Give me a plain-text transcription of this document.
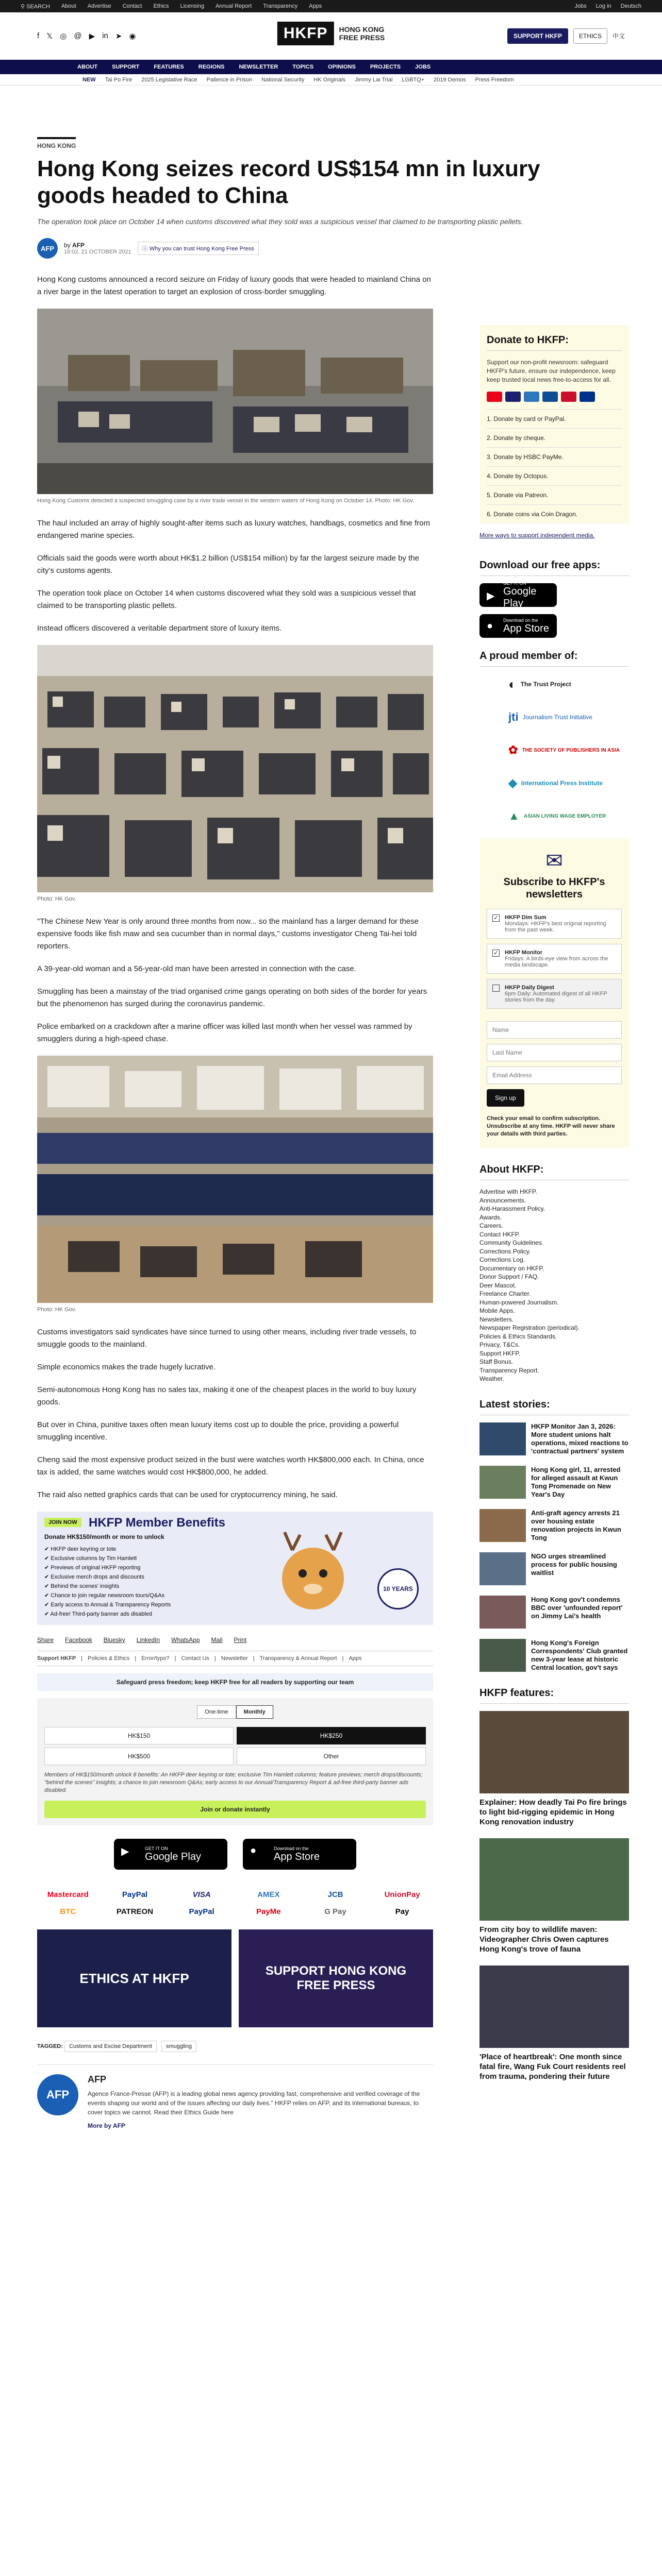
⚲ SEARCH About Advertise Contact Ethics Licensing Annual Report Transparency Apps	Jobs Log in Deutsch
f 𝕏 ◎ @ ▶ in ➤ ◉	HKFP	HONG KONG
FREE PRESS	SUPPORT HKFP	ETHICS	中文
ABOUT	SUPPORT	FEATURES	REGIONS	NEWSLETTER	TOPICS	OPINIONS	PROJECTS	JOBS
NEW Tai Po Fire 2025 Legislative Race Patience in Prison National Security HK Originals Jimmy Lai Trial LGBTQ+ 2019 Demos Press Freedom
HONG KONG
Hong Kong seizes record US$154 mn in luxury goods headed to China
The operation took place on October 14 when customs discovered what they sold was a suspicious vessel that claimed to be transporting plastic pellets.
AFP	by AFP
16:02, 21 OCTOBER 2021	ⓘ Why you can trust Hong Kong Free Press

Hong Kong customs announced a record seizure on Friday of luxury goods that were headed to mainland China on a river barge in the latest operation to target an explosion of cross-border smuggling.

Hong Kong Customs detected a suspected smuggling case by a river trade vessel in the western waters of Hong Kong on October 14. Photo: HK Gov.

The haul included an array of highly sought-after items such as luxury watches, handbags, cosmetics and fine from endangered marine species.

Officials said the goods were worth about HK$1.2 billion (US$154 million) by far the largest seizure made by the city's customs agents.

The operation took place on October 14 when customs discovered what they sold was a suspicious vessel that claimed to be transporting plastic pellets.

Instead officers discovered a veritable department store of luxury items.

Photo: HK Gov.

"The Chinese New Year is only around three months from now... so the mainland has a larger demand for these expensive foods like fish maw and sea cucumber than in normal days," customs investigator Cheng Tai-hei told reporters.

A 39-year-old woman and a 56-year-old man have been arrested in connection with the case.

Smuggling has been a mainstay of the triad organised crime gangs operating on both sides of the border for years but the phenomenon has surged during the coronavirus pandemic.

Police embarked on a crackdown after a marine officer was killed last month when her vessel was rammed by smugglers during a high-speed chase.

Photo: HK Gov.

Customs investigators said syndicates have since turned to using other means, including river trade vessels, to smuggle goods to the mainland.

Simple economics makes the trade hugely lucrative.

Semi-autonomous Hong Kong has no sales tax, making it one of the cheapest places in the world to buy luxury goods.

But over in China, punitive taxes often mean luxury items cost up to double the price, providing a powerful smuggling incentive.

Cheng said the most expensive product seized in the bust were watches worth HK$800,000 each. In China, once tax is added, the same watches would cost HK$800,000, he added.

The raid also netted graphics cards that can be used for cryptocurrency mining, he said.

JOIN NOW HKFP Member Benefits
Donate HK$150/month or more to unlock
✔ HKFP deer keyring or tote
✔ Exclusive columns by Tim Hamlett
✔ Previews of original HKFP reporting
✔ Exclusive merch drops and discounts
✔ Behind the scenes' insights
✔ Chance to join regular newsroom tours/Q&As
✔ Early access to Annual & Transparency Reports
✔ Ad-free! Third-party banner ads disabled
10 YEARS
Share Facebook Bluesky LinkedIn WhatsApp Mail Print
Support HKFP | Policies & Ethics | Error/typo? | Contact Us | Newsletter | Transparency & Annual Report | Apps
Safeguard press freedom; keep HKFP free for all readers by supporting our team
One-time	Monthly
HK$150	HK$250
HK$500	Other
Members of HK$150/month unlock 8 benefits: An HKFP deer keyring or tote; exclusive Tim Hamlett columns; feature previews; merch drops/discounts; "behind the scenes" insights; a chance to join newsroom Q&As; early access to our Annual/Transparency Report & ad-free third-party banner ads disabled.
Join or donate instantly
▶	GET IT ON
Google Play
●	Download on the
App Store
Mastercard	PayPal	VISA	AMEX	JCB	UnionPay
BTC	PATREON	PayPal	PayMe	G Pay	Pay
ETHICS AT HKFP	SUPPORT HONG KONG FREE PRESS
TAGGED: Customs and Excise Department smuggling
AFP
AFP
Agence France-Presse (AFP) is a leading global news agency providing fast, comprehensive and verified coverage of the events shaping our world and of the issues affecting our daily lives." HKFP relies on AFP, and its international bureaus, to cover topics we cannot. Read their Ethics Guide here
More by AFP
Donate to HKFP:
Support our non-profit newsroom: safeguard HKFP's future, ensure our independence, keep keep trusted local news free-to-access for all.
1. Donate by card or PayPal.
2. Donate by cheque.
3. Donate by HSBC PayMe.
4. Donate by Octopus.
5. Donate via Patreon.
6. Donate coins via Coin Dragon.
More ways to support independent media.
Download our free apps:
▶
GET IT ON
Google Play
●
Download on the
App Store
A proud member of:
◐ The Trust Project
jti Journalism Trust Initiative
✿ THE SOCIETY OF PUBLISHERS IN ASIA
◆ International Press Institute
▲ ASIAN LIVING WAGE EMPLOYER
✉
Subscribe to HKFP's newsletters
✓ HKFP Dim Sum
Mondays: HKFP's best original reporting from the past week.
✓ HKFP Monitor
Fridays: A birds-eye view from across the media landscape.
HKFP Daily Digest
6pm Daily: Automated digest of all HKFP stories from the day.
Name Last Name Email Address Sign up
Check your email to confirm subscription. Unsubscribe at any time. HKFP will never share your details with third parties.
About HKFP:
Advertise with HKFP.
Announcements.
Anti-Harassment Policy.
Awards.
Careers.
Contact HKFP.
Community Guidelines.
Corrections Policy.
Corrections Log.
Documentary on HKFP.
Donor Support / FAQ.
Deer Mascot.
Freelance Charter.
Human-powered Journalism.
Mobile Apps.
Newsletters.
Newspaper Registration (periodical).
Policies & Ethics Standards.
Privacy, T&Cs.
Support HKFP.
Staff Bonus.
Transparency Report.
Weather.
Latest stories:
HKFP Monitor Jan 3, 2026: More student unions halt operations, mixed reactions to 'contractual partners' system
Hong Kong girl, 11, arrested for alleged assault at Kwun Tong Promenade on New Year's Day
Anti-graft agency arrests 21 over housing estate renovation projects in Kwun Tong
NGO urges streamlined process for public housing waitlist
Hong Kong gov't condemns BBC over 'unfounded report' on Jimmy Lai's health
Hong Kong's Foreign Correspondents' Club granted new 3-year lease at historic Central location, gov't says
HKFP features:
Explainer: How deadly Tai Po fire brings to light bid-rigging epidemic in Hong Kong renovation industry
From city boy to wildlife maven: Videographer Chris Owen captures Hong Kong's trove of fauna
'Place of heartbreak': One month since fatal fire, Wang Fuk Court residents reel from trauma, pondering their future
